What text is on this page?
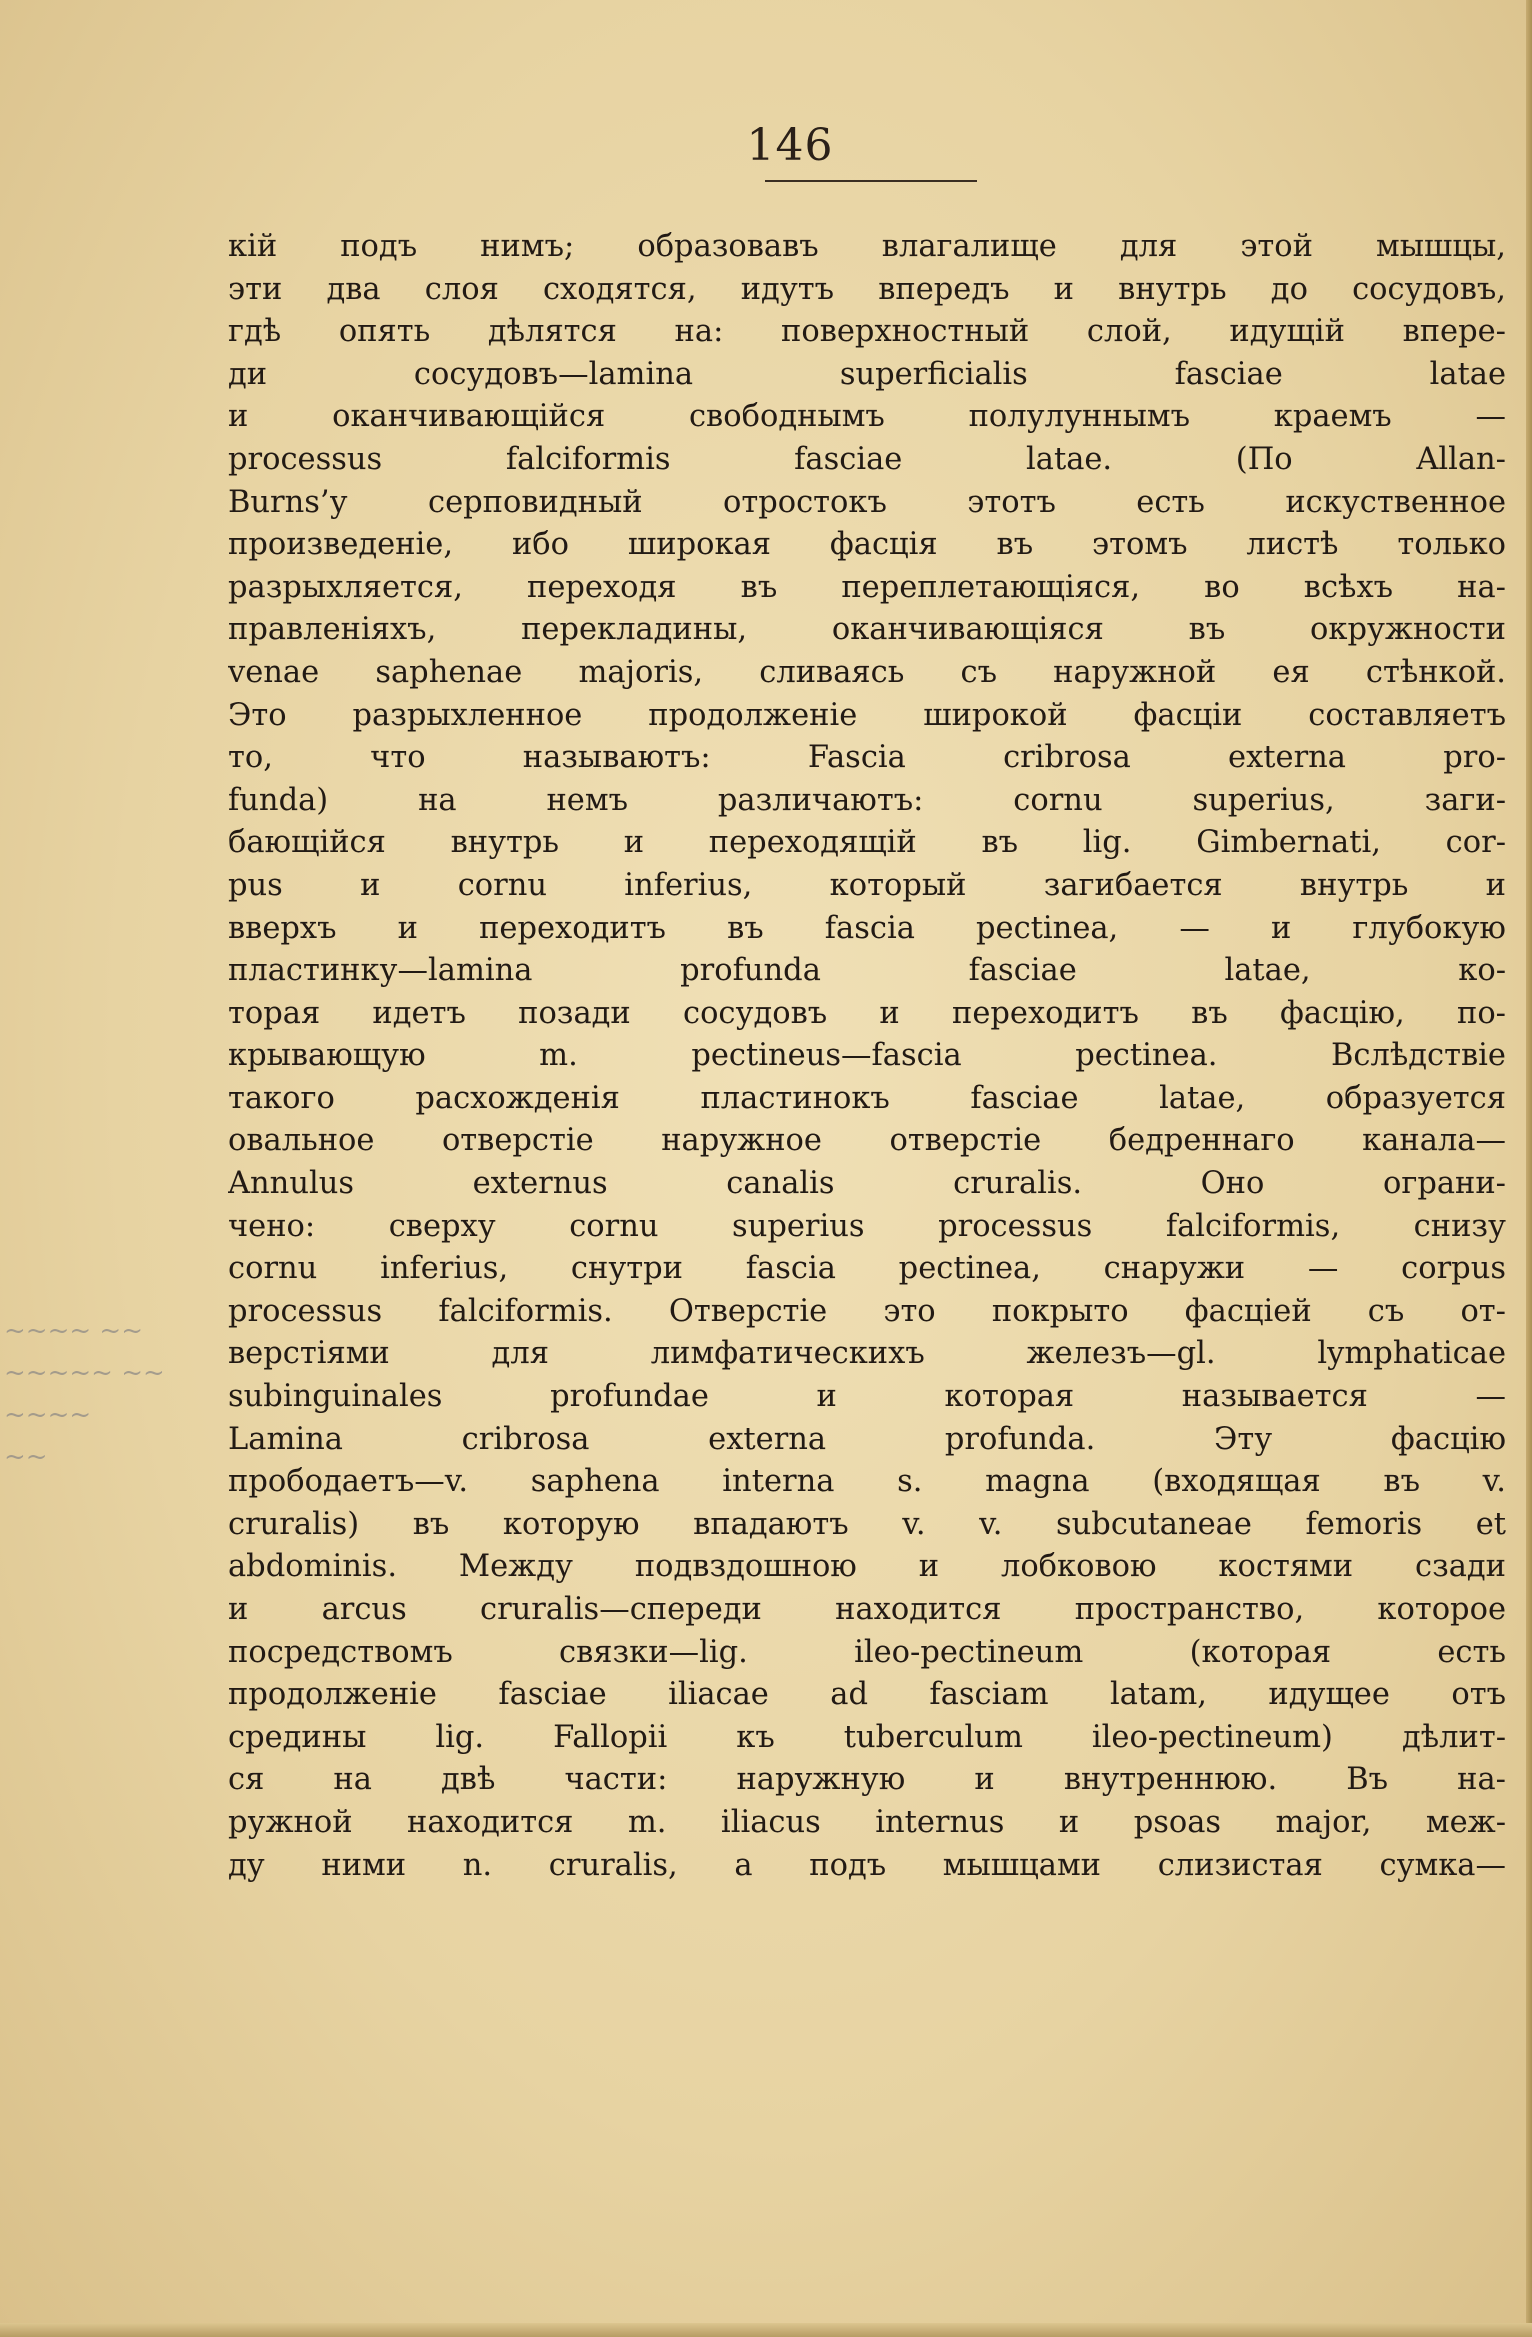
146
~~~~ ~~
~~~~~ ~~
~~~~
~~
кій подъ нимъ; образовавъ влагалище для этой мышцы,
эти два слоя сходятся, идутъ впередъ и внутрь до сосудовъ,
гдѣ опять дѣлятся на: поверхностный слой, идущій впере-
ди сосудовъ—lamina superficialis fasciae latae
и оканчивающійся свободнымъ полулуннымъ краемъ —
processus falciformis fasciae latae. (По Allan-
Burns’у серповидный отростокъ этотъ есть искуственное
произведеніе, ибо широкая фасція въ этомъ листѣ только
разрыхляется, переходя въ переплетающіяся, во всѣхъ на-
правленіяхъ, перекладины, оканчивающіяся въ окружности
venae saphenae majoris, сливаясь съ наружной ея стѣнкой.
Это разрыхленное продолженіе широкой фасціи составляетъ
то, что называютъ: Fascia cribrosa externa pro-
funda) на немъ различаютъ: cornu superius, заги-
бающійся внутрь и переходящій въ lig. Gimbernati, cor-
pus и cornu inferius, который загибается внутрь и
вверхъ и переходитъ въ fascia pectinea, — и глубокую
пластинку—lamina profunda fasciae latae, ко-
торая идетъ позади сосудовъ и переходитъ въ фасцію, по-
крывающую m. pectineus—fascia pectinea. Вслѣдствіе
такого расхожденія пластинокъ fasciae latae, образуется
овальное отверстіе наружное отверстіе бедреннаго канала—
Annulus externus canalis cruralis. Оно ограни-
чено: сверху cornu superius processus falciformis, снизу
cornu inferius, снутри fascia pectinea, снаружи — corpus
processus falciformis. Отверстіе это покрыто фасціей съ от-
верстіями для лимфатическихъ железъ—gl. lymphaticae
subinguinales profundae и которая называется —
Lamina cribrosa externa profunda. Эту фасцію
прободаетъ—v. saphena interna s. magna (входящая въ v.
cruralis) въ которую впадаютъ v. v. subcutaneae femoris et
abdominis. Между подвздошною и лобковою костями сзади
и arcus cruralis—спереди находится пространство, которое
посредствомъ связки—lig. ileo-pectineum (которая есть
продолженіе fasciae iliacae ad fasciam latam, идущее отъ
средины lig. Fallopii къ tuberculum ileo-pectineum) дѣлит-
ся на двѣ части: наружную и внутреннюю. Въ на-
ружной находится m. iliacus internus и psoas major, меж-
ду ними n. cruralis, а подъ мышцами слизистая сумка—
